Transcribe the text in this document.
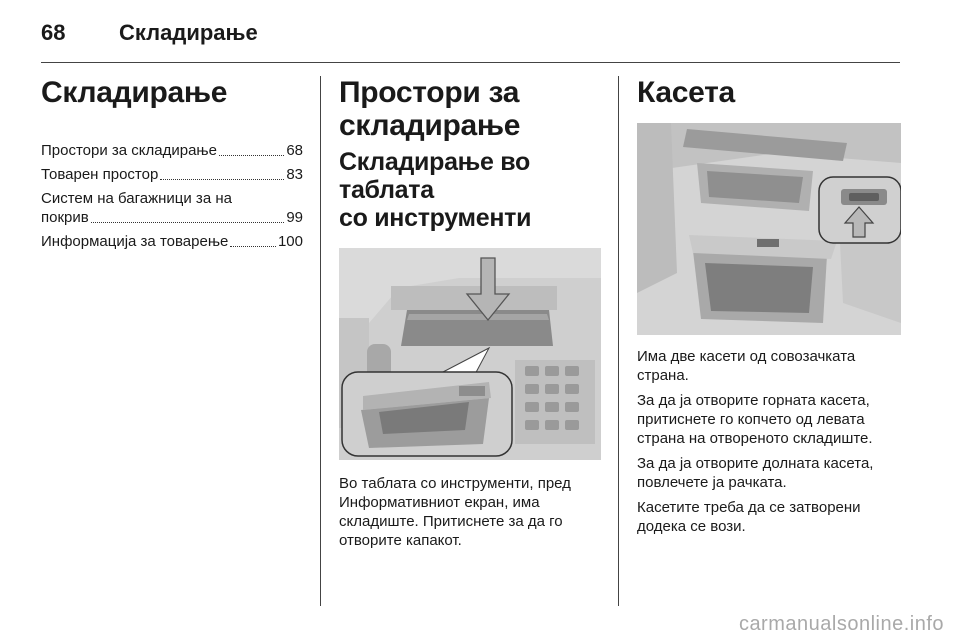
68 Складирање
Складирање
Простори за складирање	68
Товарен простор	83
Систем на багажници за на
покрив	99
Информација за товарење	100
Простори за
складирање
Складирање во таблата
со инструменти

Во таблата со инструменти, пред Информативниот екран, има складиште. Притиснете за да го отворите капакот.

Касета

Има две касети од совозачката страна.

За да ја отворите горната касета, притиснете го копчето од левата страна на отвореното складиште.

За да ја отворите долната касета, повлечете ја рачката.

Касетите треба да се затворени додека се вози.

carmanualsonline.info
